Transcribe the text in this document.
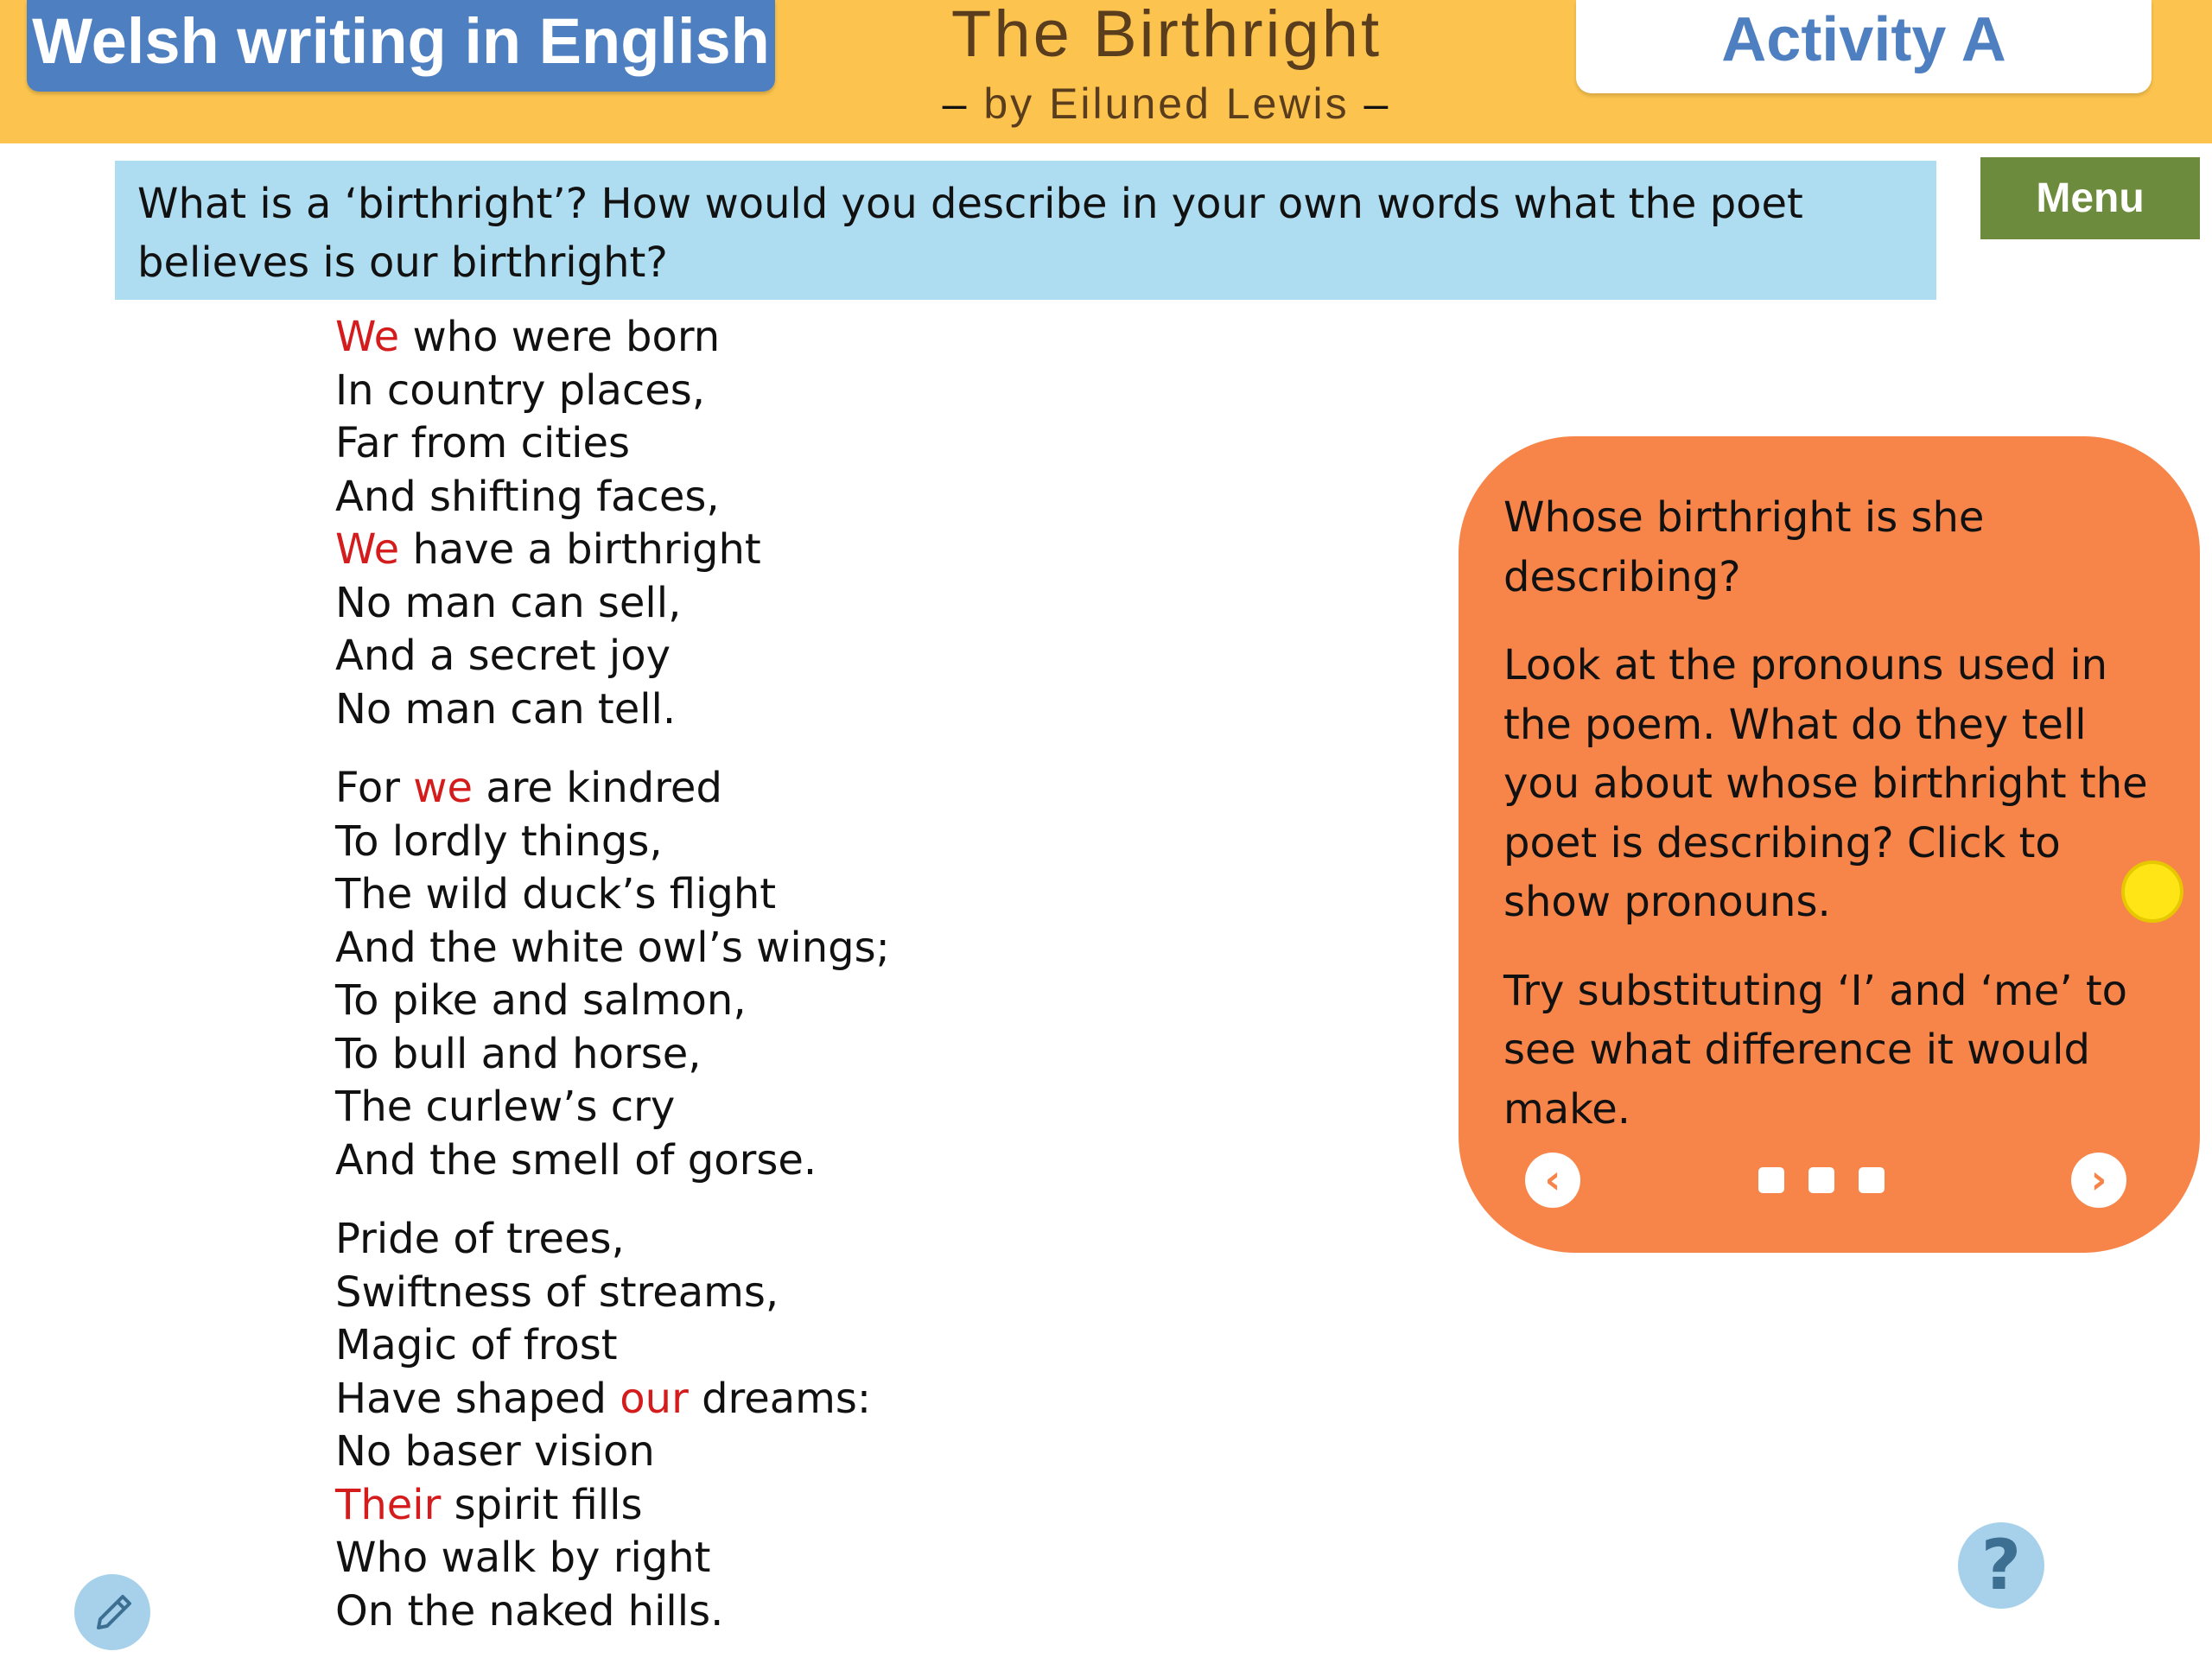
Welsh writing in English	The Birthright
– by Eiluned Lewis –
Activity A
What is a ‘birthright’? How would you describe in your own words what the poet believes is our birthright?
Menu
We who were born
In country places,
Far from cities
And shifting faces,
We have a birthright
No man can sell,
And a secret joy
No man can tell.
For we are kindred
To lordly things,
The wild duck’s flight
And the white owl’s wings;
To pike and salmon,
To bull and horse,
The curlew’s cry
And the smell of gorse.
Pride of trees,
Swiftness of streams,
Magic of frost
Have shaped our dreams:
No baser vision
Their spirit fills
Who walk by right
On the naked hills.

Whose birthright is she describing?

Look at the pronouns used in the poem. What do they tell you about whose birthright the poet is describing? Click to show pronouns.

Try substituting ‘I’ and ‘me’ to see what difference it would make.

‹	›
?
